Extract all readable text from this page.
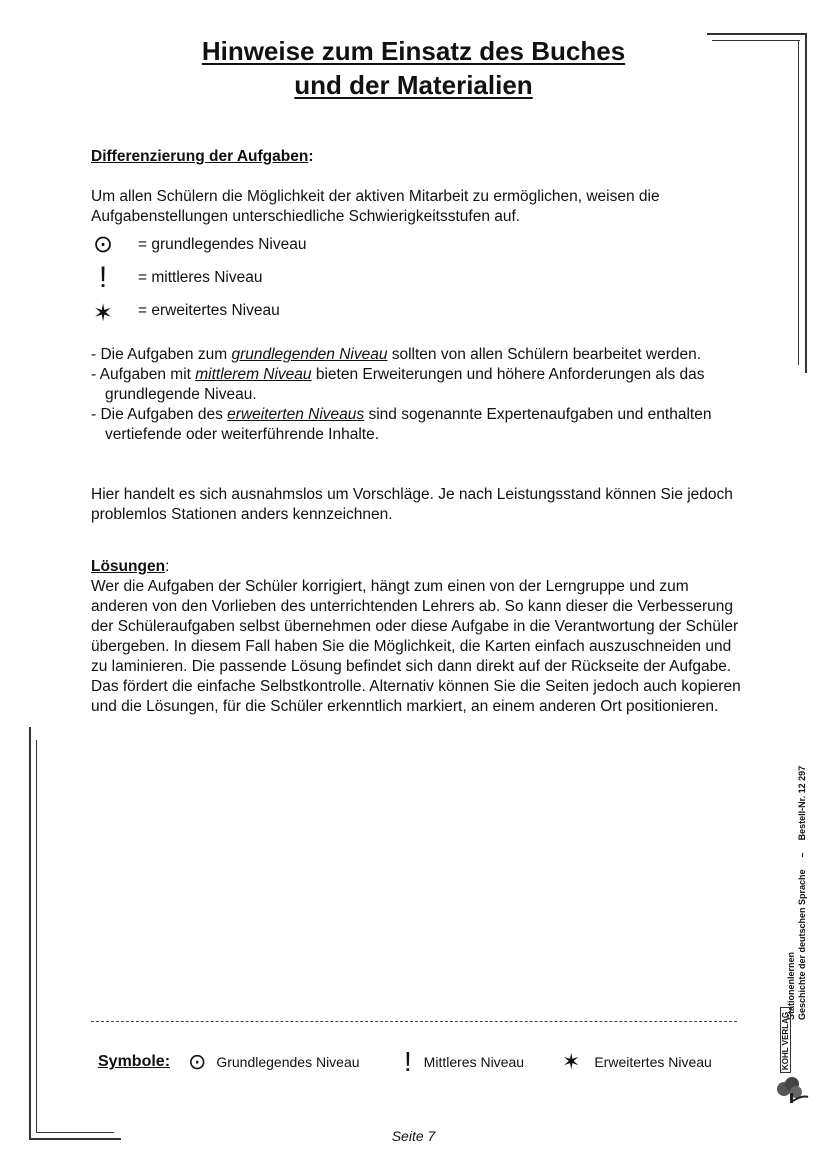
Hinweise zum Einsatz des Buches
und der Materialien
Differenzierung der Aufgaben:
Um allen Schülern die Möglichkeit der aktiven Mitarbeit zu ermöglichen, weisen die Aufgabenstellungen unterschiedliche Schwierigkeitsstufen auf.
⊙ = grundlegendes Niveau
!	= mittleres Niveau
✶ = erweitertes Niveau
- Die Aufgaben zum grundlegenden Niveau sollten von allen Schülern bearbeitet werden.
- Aufgaben mit mittlerem Niveau bieten Erweiterungen und höhere Anforderungen als das grundlegende Niveau.
- Die Aufgaben des erweiterten Niveaus sind sogenannte Expertenaufgaben und enthalten vertiefende oder weiterführende Inhalte.
Hier handelt es sich ausnahmslos um Vorschläge. Je nach Leistungsstand können Sie jedoch problemlos Stationen anders kennzeichnen.
Lösungen:
Wer die Aufgaben der Schüler korrigiert, hängt zum einen von der Lerngruppe und zum anderen von den Vorlieben des unterrichtenden Lehrers ab. So kann dieser die Verbesserung der Schüleraufgaben selbst übernehmen oder diese Aufgabe in die Verantwortung der Schüler übergeben. In diesem Fall haben Sie die Möglichkeit, die Karten einfach auszuschneiden und zu laminieren. Die passende Lösung befindet sich dann direkt auf der Rückseite der Aufgabe. Das fördert die einfache Selbstkontrolle. Alternativ können Sie die Seiten jedoch auch kopieren und die Lösungen, für die Schüler erkenntlich markiert, an einem anderen Ort positionieren.
Symbole: ⊙ Grundlegendes Niveau ! Mittleres Niveau ✶ Erweitertes Niveau
Seite 7
Stationenlernen Geschichte der deutschen Sprache–Bestell-Nr. 12 297
KOHL VERLAG
